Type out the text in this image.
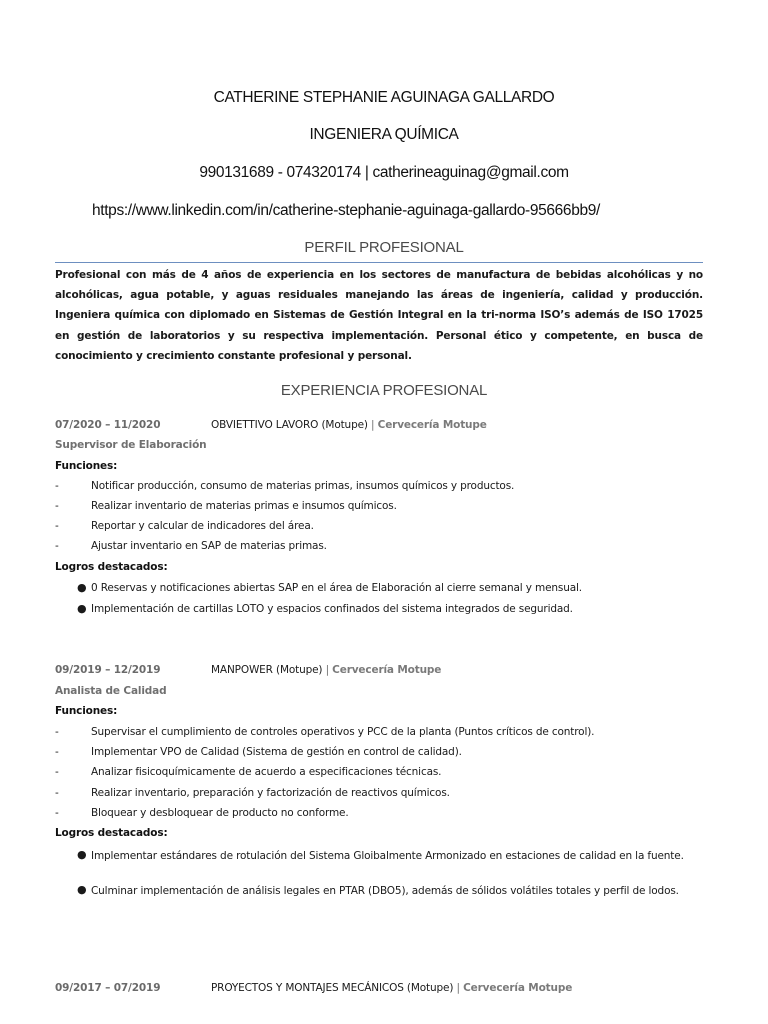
CATHERINE STEPHANIE AGUINAGA GALLARDO
INGENIERA QUÍMICA
990131689 - 074320174 | catherineaguinag@gmail.com
https://www.linkedin.com/in/catherine-stephanie-aguinaga-gallardo-95666bb9/
PERFIL PROFESIONAL
Profesional con más de 4 años de experiencia en los sectores de manufactura de bebidas alcohólicas y no alcohólicas, agua potable, y aguas residuales manejando las áreas de ingeniería, calidad y producción. Ingeniera química con diplomado en Sistemas de Gestión Integral en la tri-norma ISO’s además de ISO 17025 en gestión de laboratorios y su respectiva implementación. Personal ético y competente, en busca de conocimiento y crecimiento constante profesional y personal.
EXPERIENCIA PROFESIONAL
07/2020 – 11/2020	OBVIETTIVO LAVORO (Motupe) | Cervecería Motupe
Supervisor de Elaboración
Funciones:
-	Notificar producción, consumo de materias primas, insumos químicos y productos.
-	Realizar inventario de materias primas e insumos químicos.
-	Reportar y calcular de indicadores del área.
-	Ajustar inventario en SAP de materias primas.
Logros destacados:
● 0 Reservas y notificaciones abiertas SAP en el área de Elaboración al cierre semanal y mensual.
● Implementación de cartillas LOTO y espacios confinados del sistema integrados de seguridad.
09/2019 – 12/2019	MANPOWER (Motupe) | Cervecería Motupe
Analista de Calidad
Funciones:
-	Supervisar el cumplimiento de controles operativos y PCC de la planta (Puntos críticos de control).
-	Implementar VPO de Calidad (Sistema de gestión en control de calidad).
-	Analizar fisicoquímicamente de acuerdo a especificaciones técnicas.
-	Realizar inventario, preparación y factorización de reactivos químicos.
-	Bloquear y desbloquear de producto no conforme.
Logros destacados:
● Implementar estándares de rotulación del Sistema Gloibalmente Armonizado en estaciones de calidad en la fuente.
● Culminar implementación de análisis legales en PTAR (DBO5), además de sólidos volátiles totales y perfil de lodos.
09/2017 – 07/2019	PROYECTOS Y MONTAJES MECÁNICOS (Motupe) | Cervecería Motupe
